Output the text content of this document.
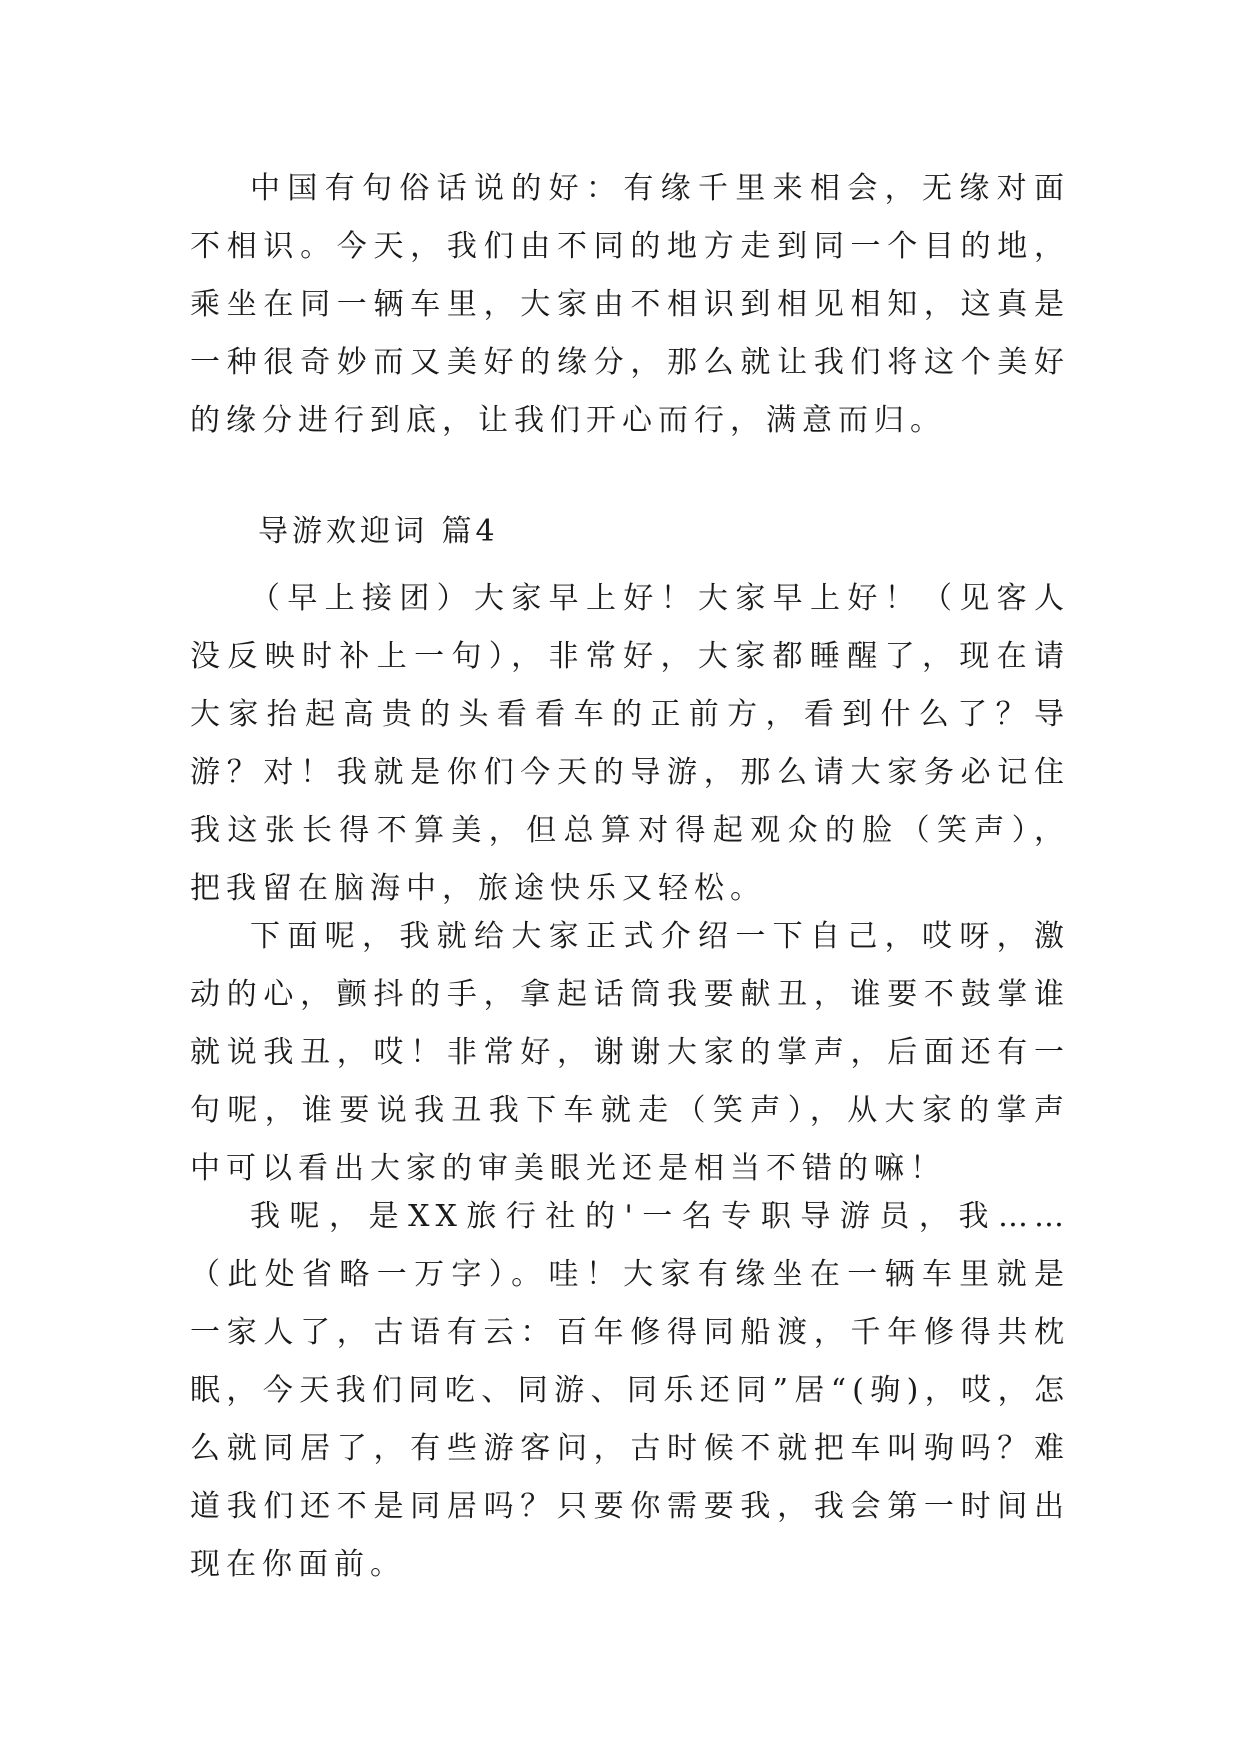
中国有句俗话说的好：有缘千里来相会，无缘对面不相识。今天，我们由不同的地方走到同一个目的地，乘坐在同一辆车里，大家由不相识到相见相知，这真是一种很奇妙而又美好的缘分，那么就让我们将这个美好的缘分进行到底，让我们开心而行，满意而归。

导游欢迎词 篇4

（早上接团）大家早上好！大家早上好！（见客人没反映时补上一句），非常好，大家都睡醒了，现在请大家抬起高贵的头看看车的正前方，看到什么了？导游？对！我就是你们今天的导游，那么请大家务必记住我这张长得不算美，但总算对得起观众的脸（笑声），把我留在脑海中，旅途快乐又轻松。

下面呢，我就给大家正式介绍一下自己，哎呀，激动的心，颤抖的手，拿起话筒我要献丑，谁要不鼓掌谁就说我丑，哎！非常好，谢谢大家的掌声，后面还有一句呢，谁要说我丑我下车就走（笑声），从大家的掌声中可以看出大家的审美眼光还是相当不错的嘛！

我呢，是XX旅行社的'一名专职导游员，我……（此处省略一万字）。哇！大家有缘坐在一辆车里就是一家人了，古语有云：百年修得同船渡，千年修得共枕眠，今天我们同吃、同游、同乐还同”居“(驹)，哎，怎么就同居了，有些游客问，古时候不就把车叫驹吗？难道我们还不是同居吗？只要你需要我，我会第一时间出现在你面前。
